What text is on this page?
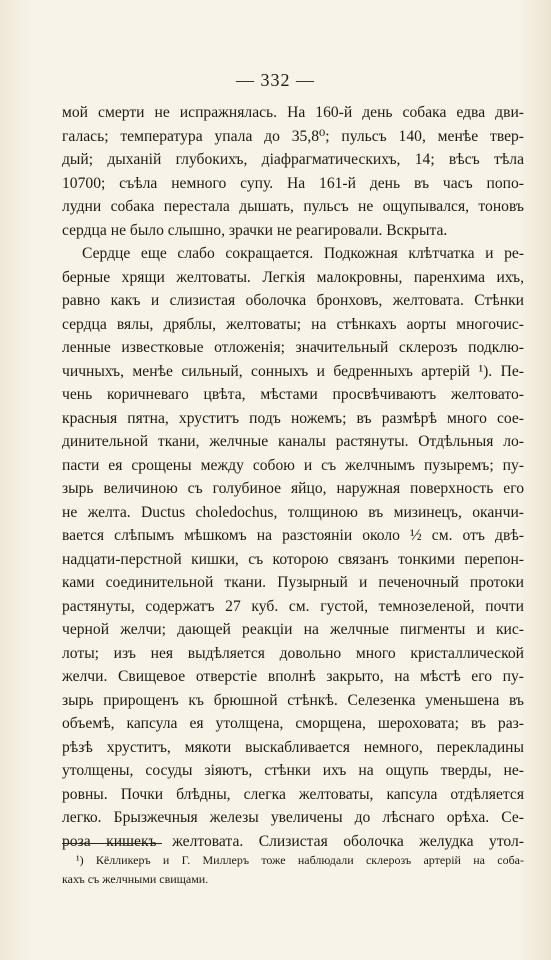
— 332 —
мой смерти не испражнялась. На 160-й день собака едва дви-
галась; температура упала до 35,8⁰; пульсъ 140, менѣе твер-
дый; дыханій глубокихъ, діафрагматическихъ, 14; вѣсъ тѣла
10700; съѣла немного супу. На 161-й день въ часъ попо-
лудни собака перестала дышать, пульсъ не ощупывался, тоновъ
сердца не было слышно, зрачки не реагировали. Вскрыта.
Сердце еще слабо сокращается. Подкожная клѣтчатка и ре-
берные хрящи желтоваты. Легкія малокровны, паренхима ихъ,
равно какъ и слизистая оболочка бронховъ, желтовата. Стѣнки
сердца вялы, дряблы, желтоваты; на стѣнкахъ аорты многочис-
ленные известковые отложенія; значительный склерозъ подклю-
чичныхъ, менѣе сильный, сонныхъ и бедренныхъ артерій ¹). Пе-
чень коричневаго цвѣта, мѣстами просвѣчиваютъ желтовато-
красныя пятна, хруститъ подъ ножемъ; въ размѣрѣ много сое-
динительной ткани, желчные каналы растянуты. Отдѣльныя ло-
пасти ея срощены между собою и съ желчнымъ пузыремъ; пу-
зырь величиною съ голубиное яйцо, наружная поверхность его
не желта. Ductus choledochus, толщиною въ мизинецъ, оканчи-
вается слѣпымъ мѣшкомъ на разстояніи около ½ см. отъ двѣ-
надцати-перстной кишки, съ которою связанъ тонкими перепон-
ками соединительной ткани. Пузырный и печеночный протоки
растянуты, содержатъ 27 куб. см. густой, темнозеленой, почти
черной желчи; дающей реакціи на желчные пигменты и кис-
лоты; изъ нея выдѣляется довольно много кристаллической
желчи. Свищевое отверстіе вполнѣ закрыто, на мѣстѣ его пу-
зырь прирощенъ къ брюшной стѣнкѣ. Селезенка уменьшена въ
объемѣ, капсула ея утолщена, сморщена, шероховата; въ раз-
рѣзѣ хруститъ, мякоти выскабливается немного, перекладины
утолщены, сосуды зіяютъ, стѣнки ихъ на ощупь тверды, не-
ровны. Почки блѣдны, слегка желтоваты, капсула отдѣляется
легко. Брызжечныя железы увеличены до лѣснаго орѣха. Се-
роза кишекъ желтовата. Слизистая оболочка желудка утол-
¹) Кёлликеръ и Г. Миллеръ тоже наблюдали склерозъ артерій на соба-
кахъ съ желчными свищами.
